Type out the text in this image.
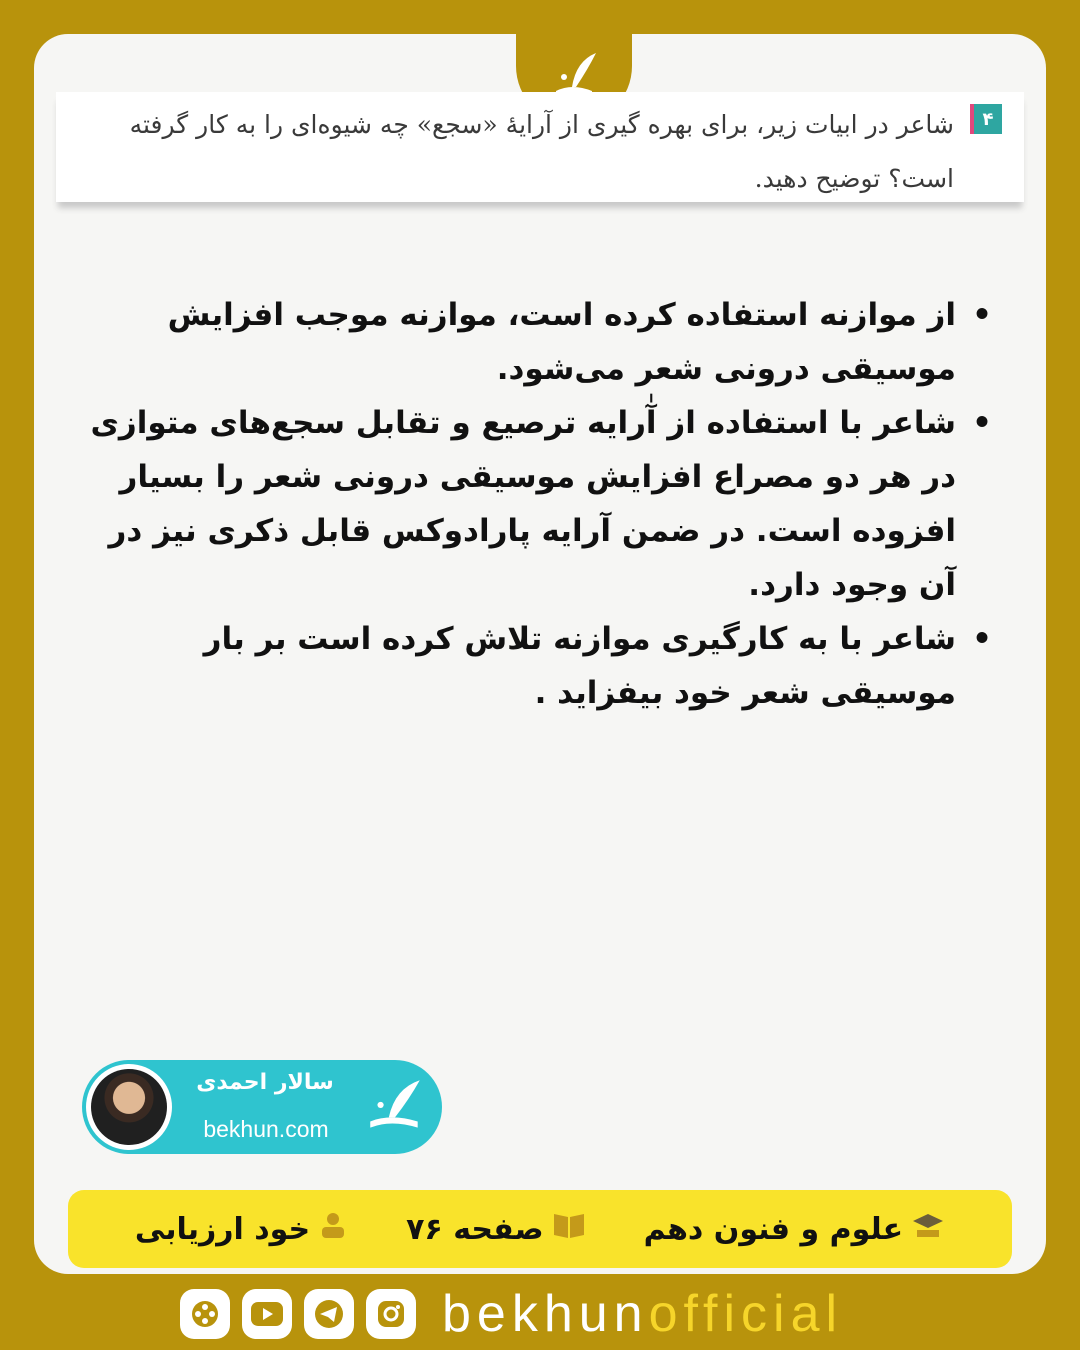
۴
شاعر در ابیات زیر، برای بهره گیری از آرایهٔ «سجع» چه شیوه‌ای را به کار گرفته است؟ توضیح دهید.
• از موازنه استفاده کرده است، موازنه موجب افزایش موسیقی درونی شعر می‌شود.
• شاعر با استفاده از آٰرایه ترصیع و تقابل سجع‌های متوازی در هر دو مصراع افزایش موسیقی درونی شعر را بسیار افزوده است. در ضمن آرایه پارادوکس قابل ذکری نیز در آن وجود دارد.
• شاعر با به کارگیری موازنه تلاش کرده است بر بار موسیقی شعر خود بیفزاید .
سالار احمدی
bekhun.com
خود ارزیابی	صفحه ۷۶	علوم و فنون دهم
bekhunofficial
